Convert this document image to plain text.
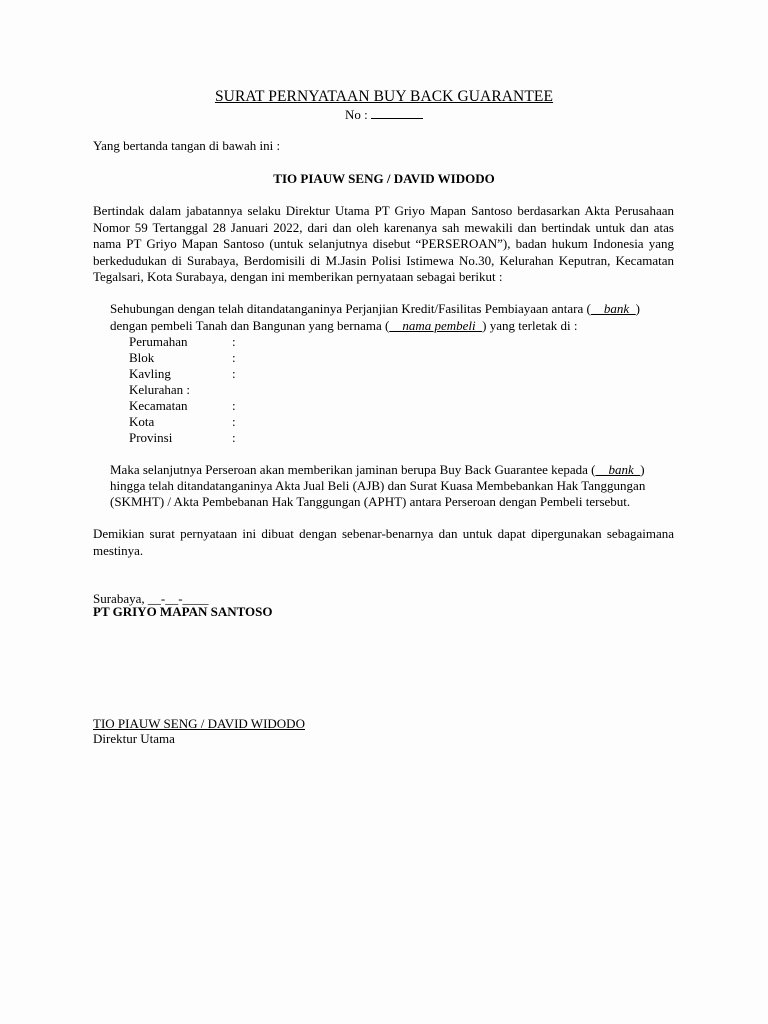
SURAT PERNYATAAN BUY BACK GUARANTEE
No :
Yang bertanda tangan di bawah ini :
TIO PIAUW SENG / DAVID WIDODO
Bertindak dalam jabatannya selaku Direktur Utama PT Griyo Mapan Santoso berdasarkan Akta Perusahaan Nomor 59 Tertanggal 28 Januari 2022, dari dan oleh karenanya sah mewakili dan bertindak untuk dan atas nama PT Griyo Mapan Santoso (untuk selanjutnya disebut “PERSEROAN”), badan hukum Indonesia yang berkedudukan di Surabaya, Berdomisili di M.Jasin Polisi Istimewa No.30, Kelurahan Keputran, Kecamatan Tegalsari, Kota Surabaya, dengan ini memberikan pernyataan sebagai berikut :
Sehubungan dengan telah ditandatanganinya Perjanjian Kredit/Fasilitas Pembiayaan antara (__bank_)
dengan pembeli Tanah dan Bangunan yang bernama (__nama pembeli_) yang terletak di :
Perumahan	:
Blok	:
Kavling	:
Kelurahan :
Kecamatan	:
Kota	:
Provinsi	:
Maka selanjutnya Perseroan akan memberikan jaminan berupa Buy Back Guarantee kepada (__bank_)
hingga telah ditandatanganinya Akta Jual Beli (AJB) dan Surat Kuasa Membebankan Hak Tanggungan
(SKMHT) / Akta Pembebanan Hak Tanggungan (APHT) antara Perseroan dengan Pembeli tersebut.
Demikian surat pernyataan ini dibuat dengan sebenar-benarnya dan untuk dapat dipergunakan sebagaimana mestinya.
Surabaya, __-__-____
PT GRIYO MAPAN SANTOSO
TIO PIAUW SENG / DAVID WIDODO
Direktur Utama
